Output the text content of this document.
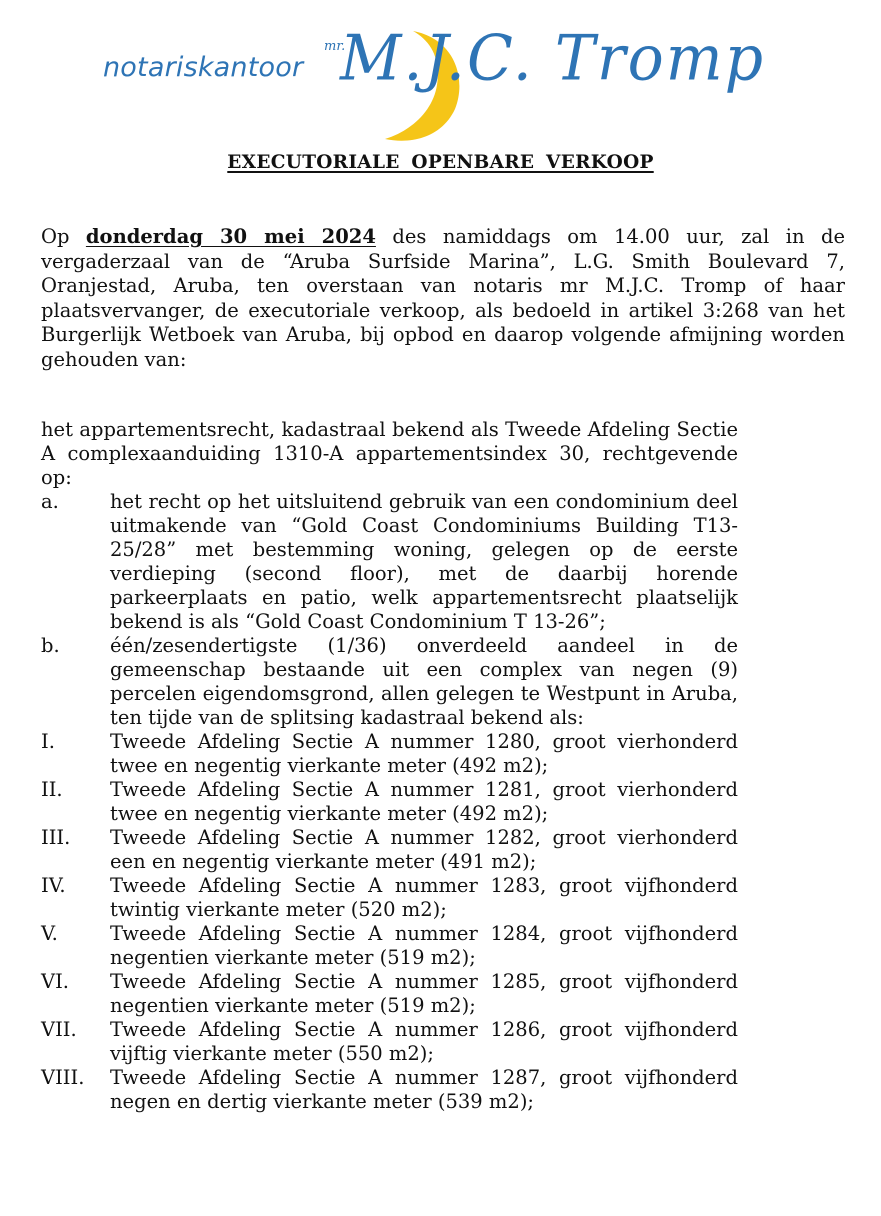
notariskantoor
mr.
M.J.C. Tromp
EXECUTORIALE OPENBARE VERKOOP
Op donderdag 30 mei 2024 des namiddags om 14.00 uur, zal in de vergaderzaal van de “Aruba Surfside Marina”, L.G. Smith Boulevard 7, Oranjestad, Aruba, ten overstaan van notaris mr M.J.C. Tromp of haar plaatsvervanger, de executoriale verkoop, als bedoeld in artikel 3:268 van het Burgerlijk Wetboek van Aruba, bij opbod en daarop volgende afmijning worden gehouden van:
het appartementsrecht, kadastraal bekend als Tweede Afdeling Sectie A complexaanduiding 1310-A appartementsindex 30, rechtgevende op:
a.	het recht op het uitsluitend gebruik van een condominium deel uitmakende van “Gold Coast Condominiums Building T13-25/28” met bestemming woning, gelegen op de eerste verdieping (second floor), met de daarbij horende parkeerplaats en patio, welk appartementsrecht plaatselijk bekend is als “Gold Coast Condominium T 13-26”;
b.	één/zesendertigste (1/36) onverdeeld aandeel in de gemeenschap bestaande uit een complex van negen (9) percelen eigendomsgrond, allen gelegen te Westpunt in Aruba, ten tijde van de splitsing kadastraal bekend als:
I.	Tweede Afdeling Sectie A nummer 1280, groot vierhonderd twee en negentig vierkante meter (492 m2);
II.	Tweede Afdeling Sectie A nummer 1281, groot vierhonderd twee en negentig vierkante meter (492 m2);
III.	Tweede Afdeling Sectie A nummer 1282, groot vierhonderd een en negentig vierkante meter (491 m2);
IV.	Tweede Afdeling Sectie A nummer 1283, groot vijfhonderd twintig vierkante meter (520 m2);
V.	Tweede Afdeling Sectie A nummer 1284, groot vijfhonderd negentien vierkante meter (519 m2);
VI.	Tweede Afdeling Sectie A nummer 1285, groot vijfhonderd negentien vierkante meter (519 m2);
VII.	Tweede Afdeling Sectie A nummer 1286, groot vijfhonderd vijftig vierkante meter (550 m2);
VIII.	Tweede Afdeling Sectie A nummer 1287, groot vijfhonderd negen en dertig vierkante meter (539 m2);
